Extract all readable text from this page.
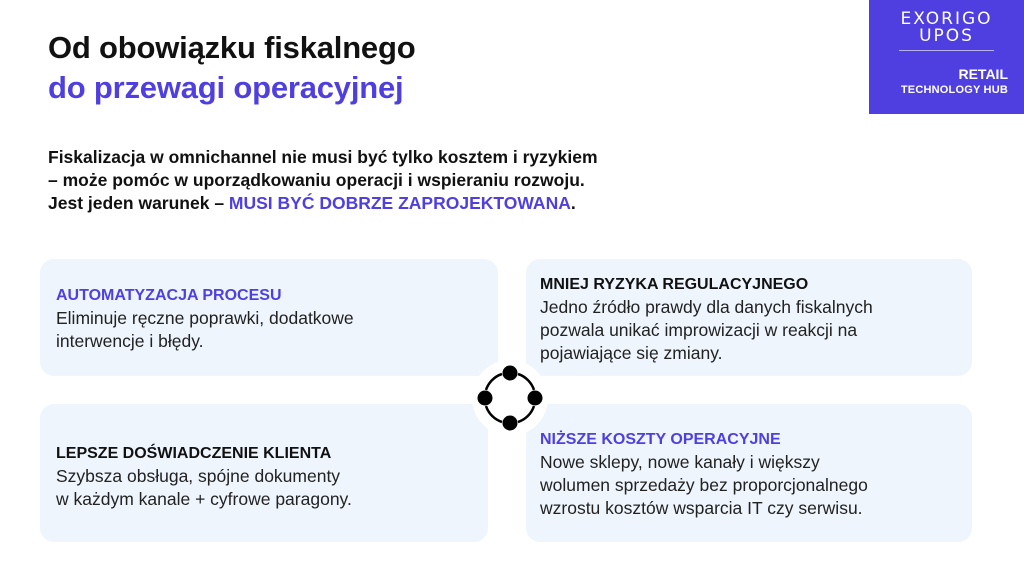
Od obowiązku fiskalnego
do przewagi operacyjnej
EXORIGO
UPOS
RETAIL
TECHNOLOGY HUB
Fiskalizacja w omnichannel nie musi być tylko kosztem i ryzykiem
– może pomóc w uporządkowaniu operacji i wspieraniu rozwoju.
Jest jeden warunek – MUSI BYĆ DOBRZE ZAPROJEKTOWANA.
AUTOMATYZACJA PROCESU
Eliminuje ręczne poprawki, dodatkowe
interwencje i błędy.
MNIEJ RYZYKA REGULACYJNEGO
Jedno źródło prawdy dla danych fiskalnych
pozwala unikać improwizacji w reakcji na
pojawiające się zmiany.
LEPSZE DOŚWIADCZENIE KLIENTA
Szybsza obsługa, spójne dokumenty
w każdym kanale + cyfrowe paragony.
NIŻSZE KOSZTY OPERACYJNE
Nowe sklepy, nowe kanały i większy
wolumen sprzedaży bez proporcjonalnego
wzrostu kosztów wsparcia IT czy serwisu.
